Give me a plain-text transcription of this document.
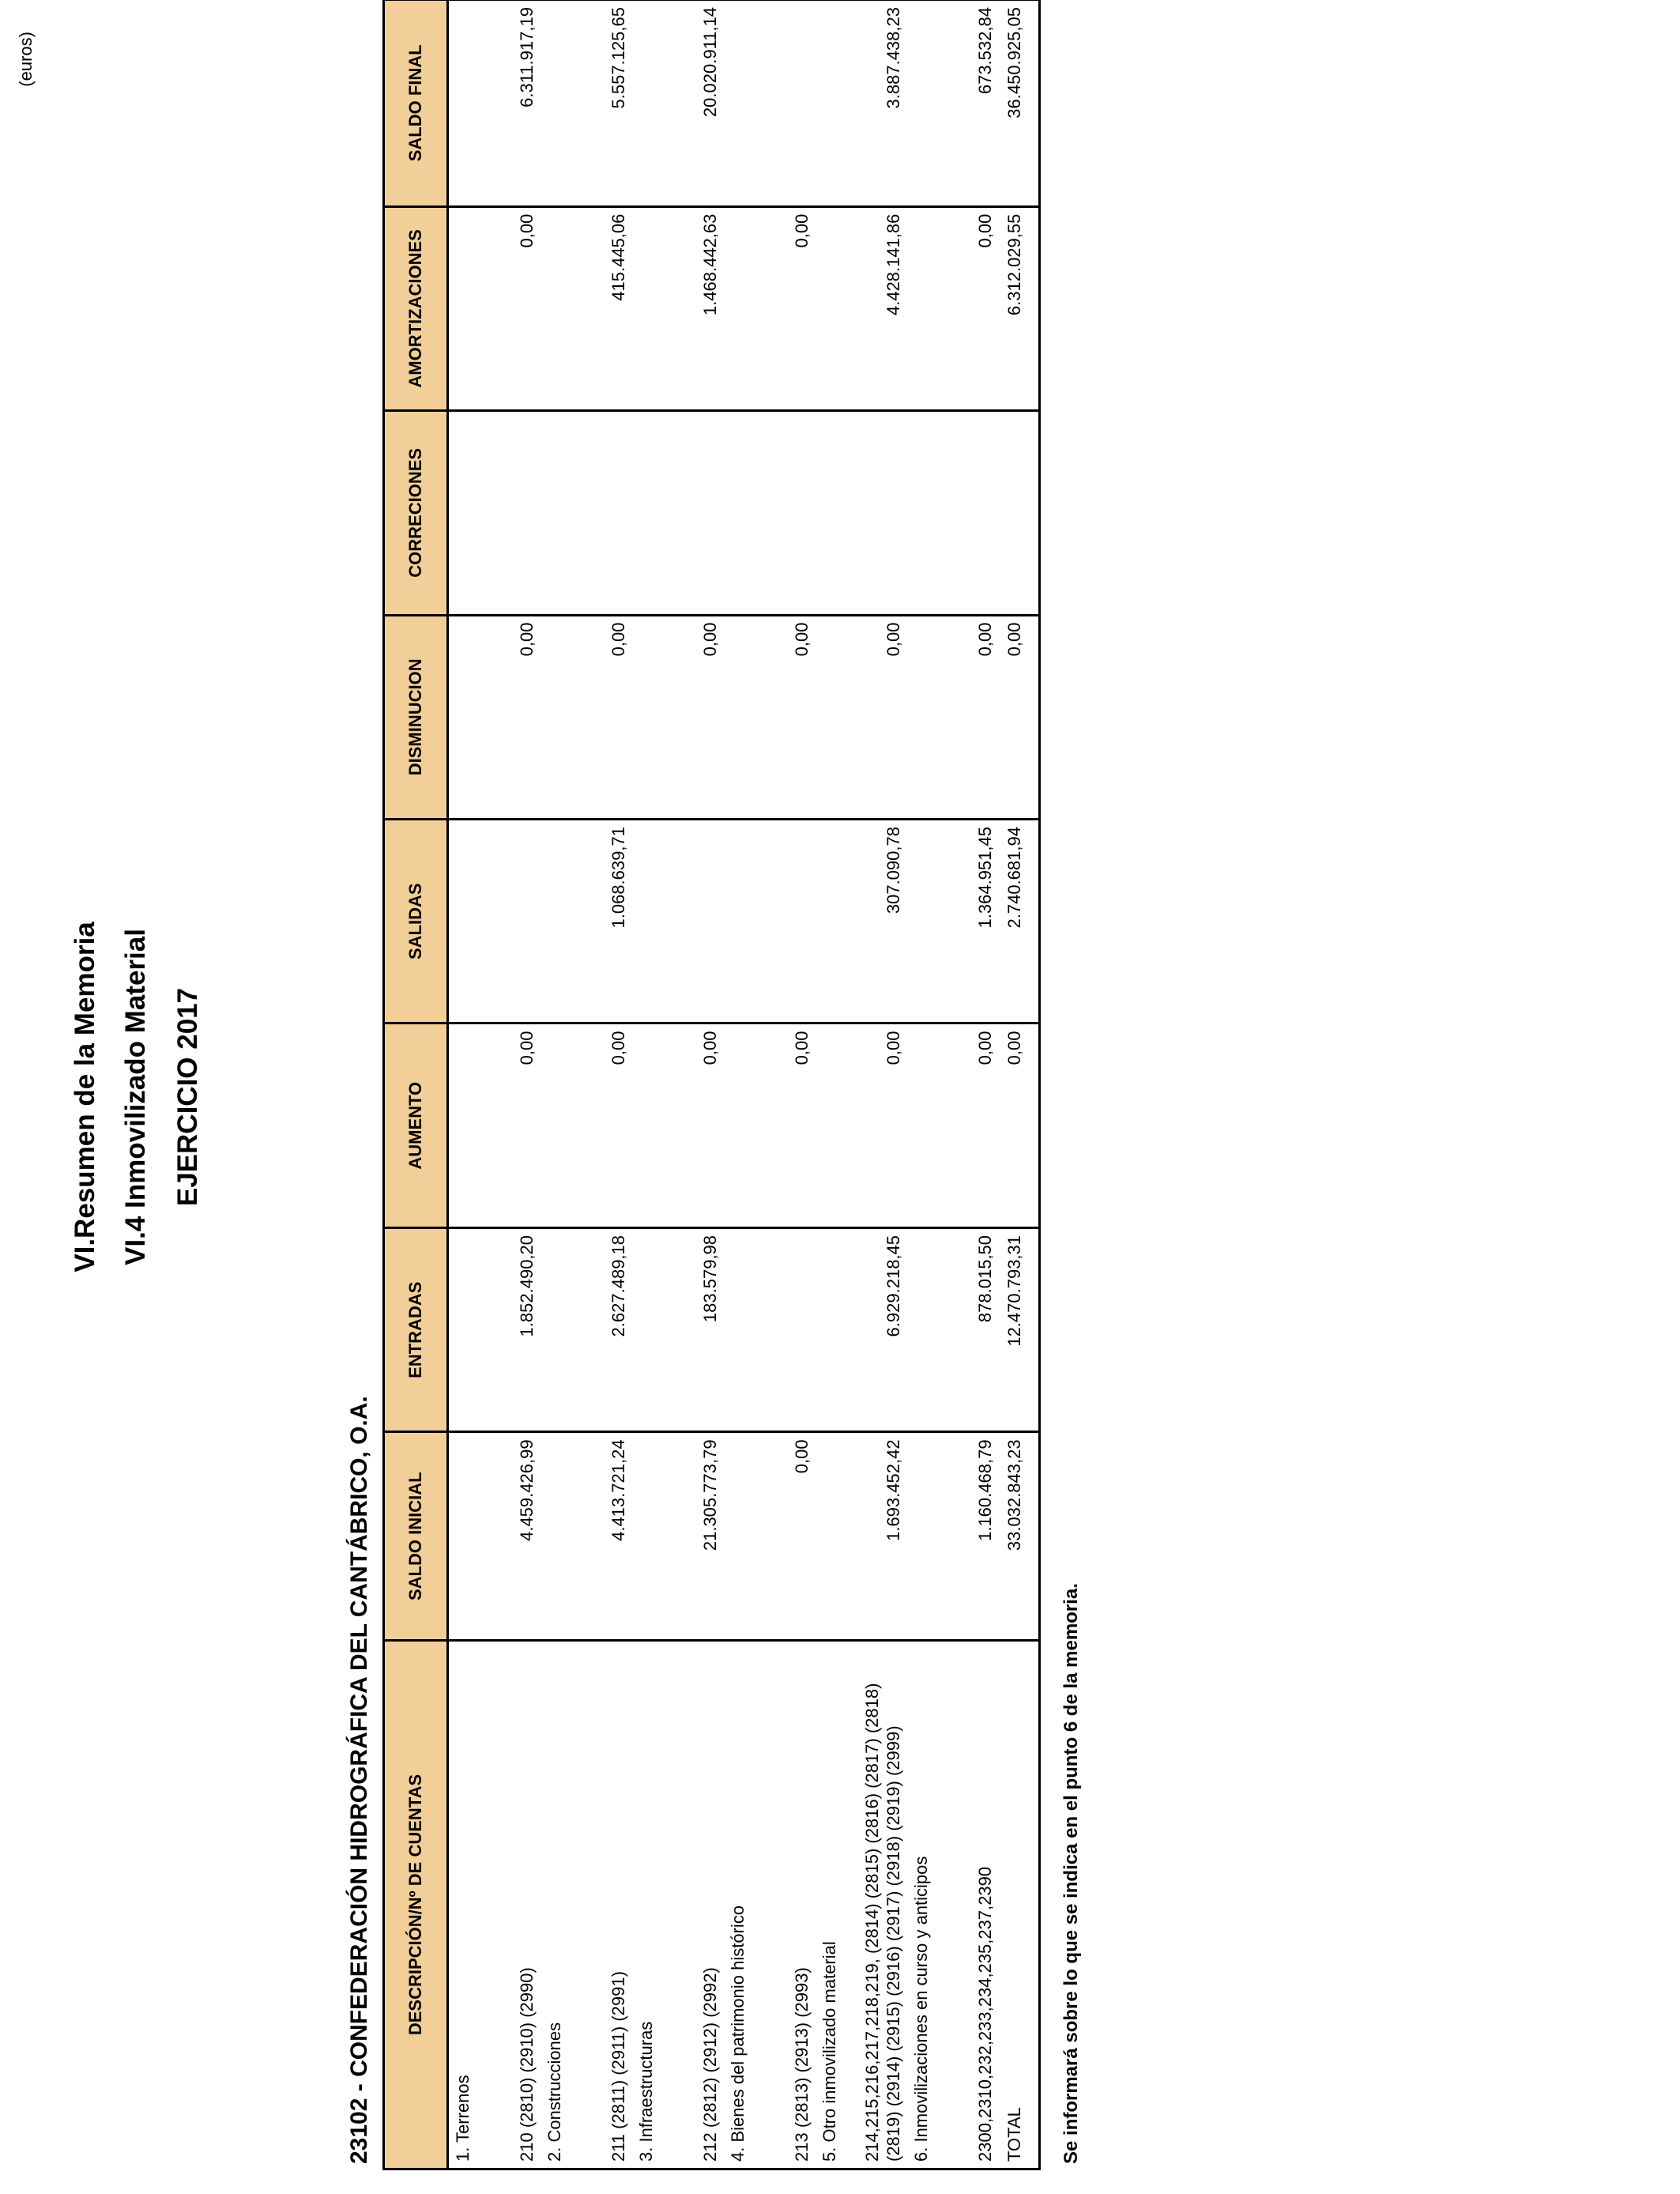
VI.Resumen de la Memoria VI.4 Inmovilizado Material EJERCICIO 2017
(euros)
23102 - CONFEDERACIÓN HIDROGRÁFICA DEL CANTÁBRICO, O.A. DESCRIPCIÓN/Nº DE CUENTAS	SALDO INICIAL	ENTRADAS	AUMENTO	SALIDAS	DISMINUCION	CORRECIONES	AMORTIZACIONES	SALDO FINAL
1. Terrenos								
210 (2810) (2910) (2990)	4.459.426,99	1.852.490,20	0,00		0,00		0,00	6.311.917,19
2. Construcciones								
211 (2811) (2911) (2991)	4.413.721,24	2.627.489,18	0,00	1.068.639,71	0,00		415.445,06	5.557.125,65
3. Infraestructuras								
212 (2812) (2912) (2992)	21.305.773,79	183.579,98	0,00		0,00		1.468.442,63	20.020.911,14
4. Bienes del patrimonio histórico								
213 (2813) (2913) (2993)	0,00		0,00		0,00		0,00	
5. Otro inmovilizado material								
214,215,216,217,218,219, (2814) (2815) (2816) (2817) (2818) (2819) (2914) (2915) (2916) (2917) (2918) (2919) (2999)	1.693.452,42	6.929.218,45	0,00	307.090,78	0,00		4.428.141,86	3.887.438,23
6. Inmovilizaciones en curso y anticipos								
2300,2310,232,233,234,235,237,2390	1.160.468,79	878.015,50	0,00	1.364.951,45	0,00		0,00	673.532,84
TOTAL	33.032.843,23	12.470.793,31	0,00	2.740.681,94	0,00		6.312.029,55	36.450.925,05
Se informará sobre lo que se indica en el punto 6 de la memoria.
